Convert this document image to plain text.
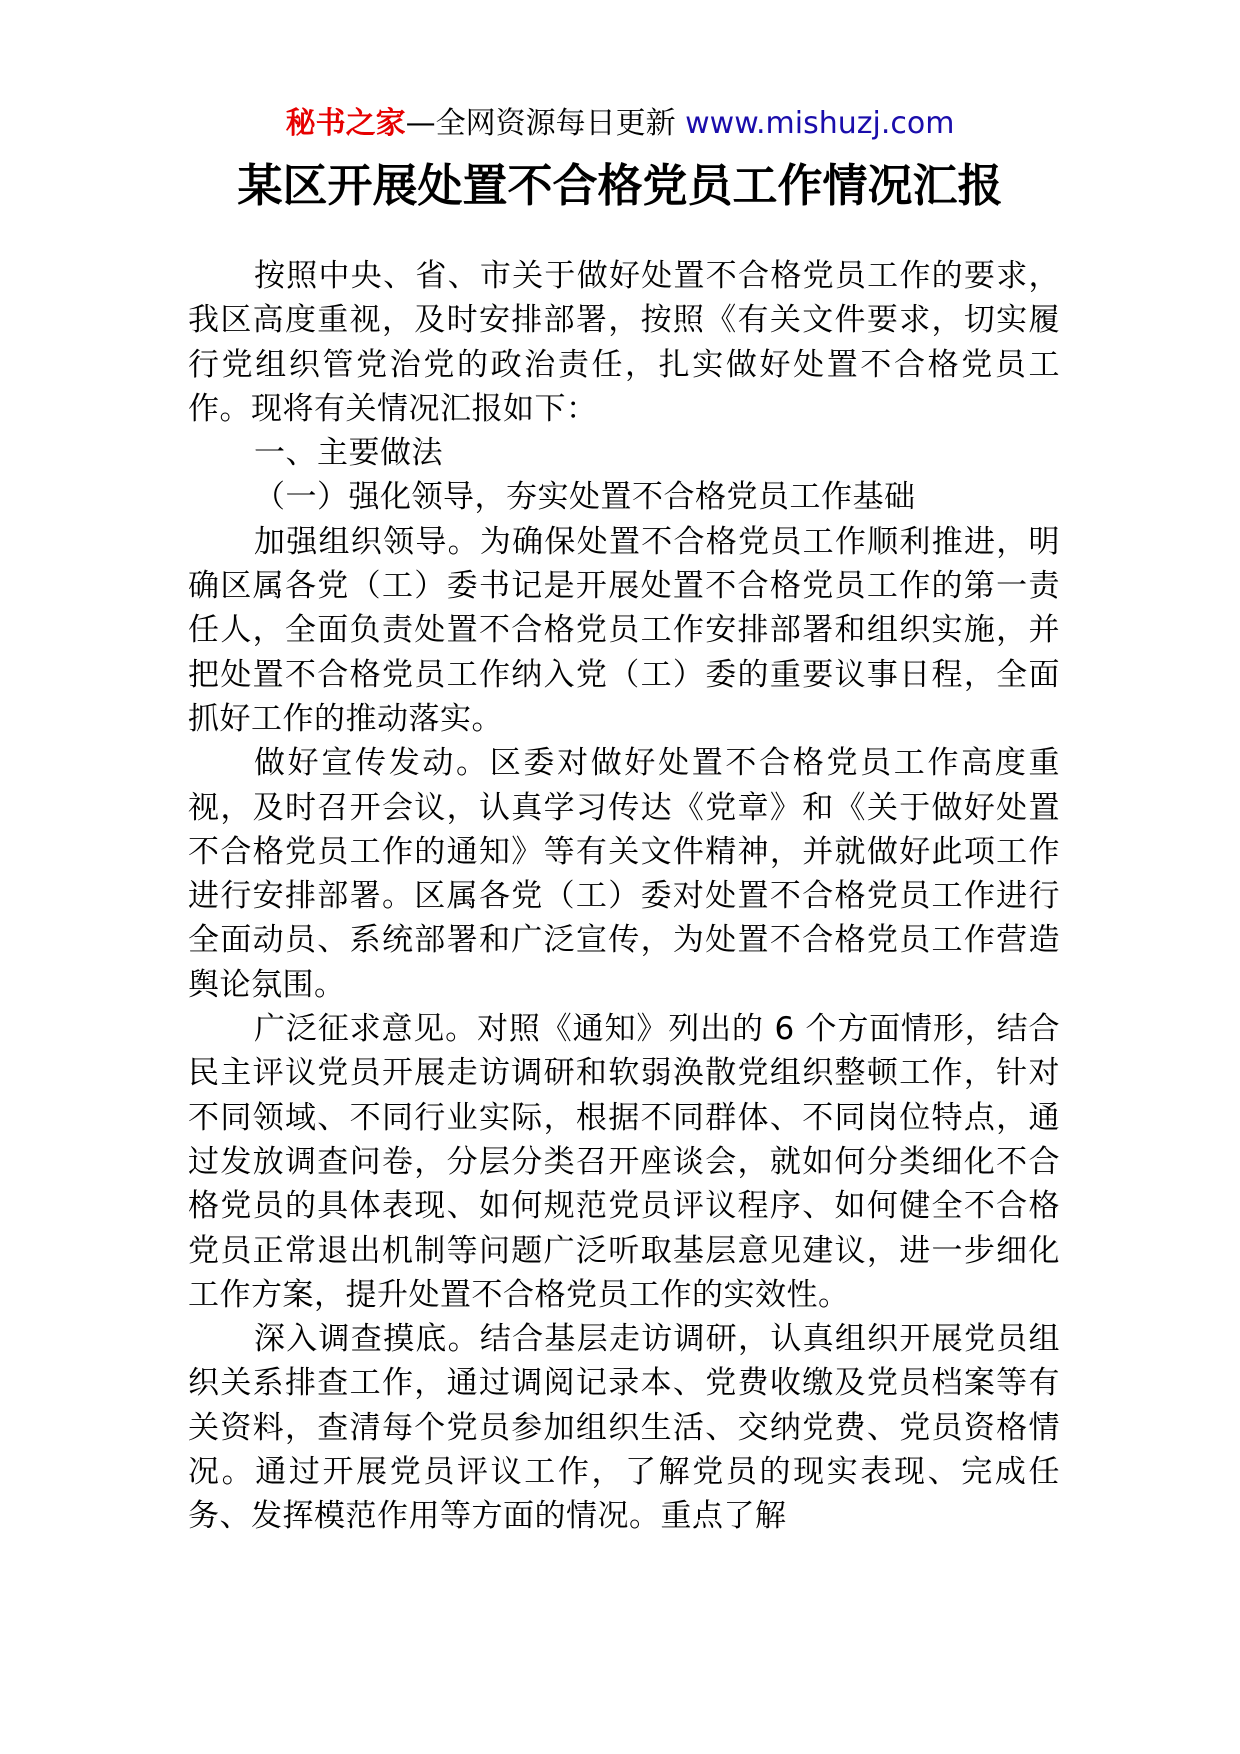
秘书之家—全网资源每日更新 www.mishuzj.com
某区开展处置不合格党员工作情况汇报

按照中央、省、市关于做好处置不合格党员工作的要求，我区高度重视，及时安排部署，按照《有关文件要求，切实履行党组织管党治党的政治责任，扎实做好处置不合格党员工作。现将有关情况汇报如下：

一、主要做法

（一）强化领导，夯实处置不合格党员工作基础

加强组织领导。为确保处置不合格党员工作顺利推进，明确区属各党（工）委书记是开展处置不合格党员工作的第一责任人，全面负责处置不合格党员工作安排部署和组织实施，并把处置不合格党员工作纳入党（工）委的重要议事日程，全面抓好工作的推动落实。

做好宣传发动。区委对做好处置不合格党员工作高度重视，及时召开会议，认真学习传达《党章》和《关于做好处置不合格党员工作的通知》等有关文件精神，并就做好此项工作进行安排部署。区属各党（工）委对处置不合格党员工作进行全面动员、系统部署和广泛宣传，为处置不合格党员工作营造舆论氛围。

广泛征求意见。对照《通知》列出的 6 个方面情形，结合民主评议党员开展走访调研和软弱涣散党组织整顿工作，针对不同领域、不同行业实际，根据不同群体、不同岗位特点，通过发放调查问卷，分层分类召开座谈会，就如何分类细化不合格党员的具体表现、如何规范党员评议程序、如何健全不合格党员正常退出机制等问题广泛听取基层意见建议，进一步细化工作方案，提升处置不合格党员工作的实效性。

深入调查摸底。结合基层走访调研，认真组织开展党员组织关系排查工作，通过调阅记录本、党费收缴及党员档案等有关资料，查清每个党员参加组织生活、交纳党费、党员资格情况。通过开展党员评议工作，了解党员的现实表现、完成任务、发挥模范作用等方面的情况。重点了解
